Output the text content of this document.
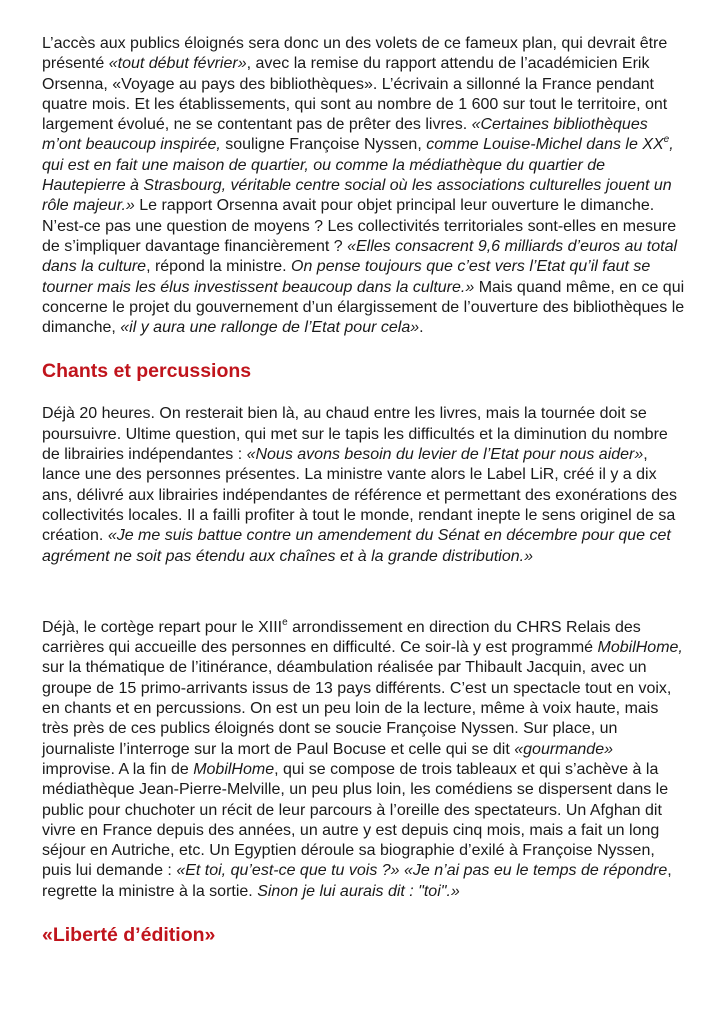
L’accès aux publics éloignés sera donc un des volets de ce fameux plan, qui devrait être présenté «tout début février», avec la remise du rapport attendu de l’académicien Erik Orsenna, «Voyage au pays des bibliothèques». L’écrivain a sillonné la France pendant quatre mois. Et les établissements, qui sont au nombre de 1 600 sur tout le territoire, ont largement évolué, ne se contentant pas de prêter des livres. «Certaines bibliothèques m’ont beaucoup inspirée, souligne Françoise Nyssen, comme Louise-Michel dans le XXe, qui est en fait une maison de quartier, ou comme la médiathèque du quartier de Hautepierre à Strasbourg, véritable centre social où les associations culturelles jouent un rôle majeur.» Le rapport Orsenna avait pour objet principal leur ouverture le dimanche. N’est-ce pas une question de moyens ? Les collectivités territoriales sont-elles en mesure de s’impliquer davantage financièrement ? «Elles consacrent 9,6 milliards d’euros au total dans la culture, répond la ministre. On pense toujours que c’est vers l’Etat qu’il faut se tourner mais les élus investissent beaucoup dans la culture.» Mais quand même, en ce qui concerne le projet du gouvernement d’un élargissement de l’ouverture des bibliothèques le dimanche, «il y aura une rallonge de l’Etat pour cela».

Chants et percussions

Déjà 20 heures. On resterait bien là, au chaud entre les livres, mais la tournée doit se poursuivre. Ultime question, qui met sur le tapis les difficultés et la diminution du nombre de librairies indépendantes : «Nous avons besoin du levier de l’Etat pour nous aider», lance une des personnes présentes. La ministre vante alors le Label LiR, créé il y a dix ans, délivré aux librairies indépendantes de référence et permettant des exonérations des collectivités locales. Il a failli profiter à tout le monde, rendant inepte le sens originel de sa création. «Je me suis battue contre un amendement du Sénat en décembre pour que cet agrément ne soit pas étendu aux chaînes et à la grande distribution.»

Déjà, le cortège repart pour le XIIIe arrondissement en direction du CHRS Relais des carrières qui accueille des personnes en difficulté. Ce soir-là y est programmé MobilHome, sur la thématique de l’itinérance, déambulation réalisée par Thibault Jacquin, avec un groupe de 15 primo-arrivants issus de 13 pays différents. C’est un spectacle tout en voix, en chants et en percussions. On est un peu loin de la lecture, même à voix haute, mais très près de ces publics éloignés dont se soucie Françoise Nyssen. Sur place, un journaliste l’interroge sur la mort de Paul Bocuse et celle qui se dit «gourmande» improvise. A la fin de MobilHome, qui se compose de trois tableaux et qui s’achève à la médiathèque Jean-Pierre-Melville, un peu plus loin, les comédiens se dispersent dans le public pour chuchoter un récit de leur parcours à l’oreille des spectateurs. Un Afghan dit vivre en France depuis des années, un autre y est depuis cinq mois, mais a fait un long séjour en Autriche, etc. Un Egyptien déroule sa biographie d’exilé à Françoise Nyssen, puis lui demande : «Et toi, qu’est-ce que tu vois ?» «Je n’ai pas eu le temps de répondre, regrette la ministre à la sortie. Sinon je lui aurais dit : "toi".»

«Liberté d’édition»
